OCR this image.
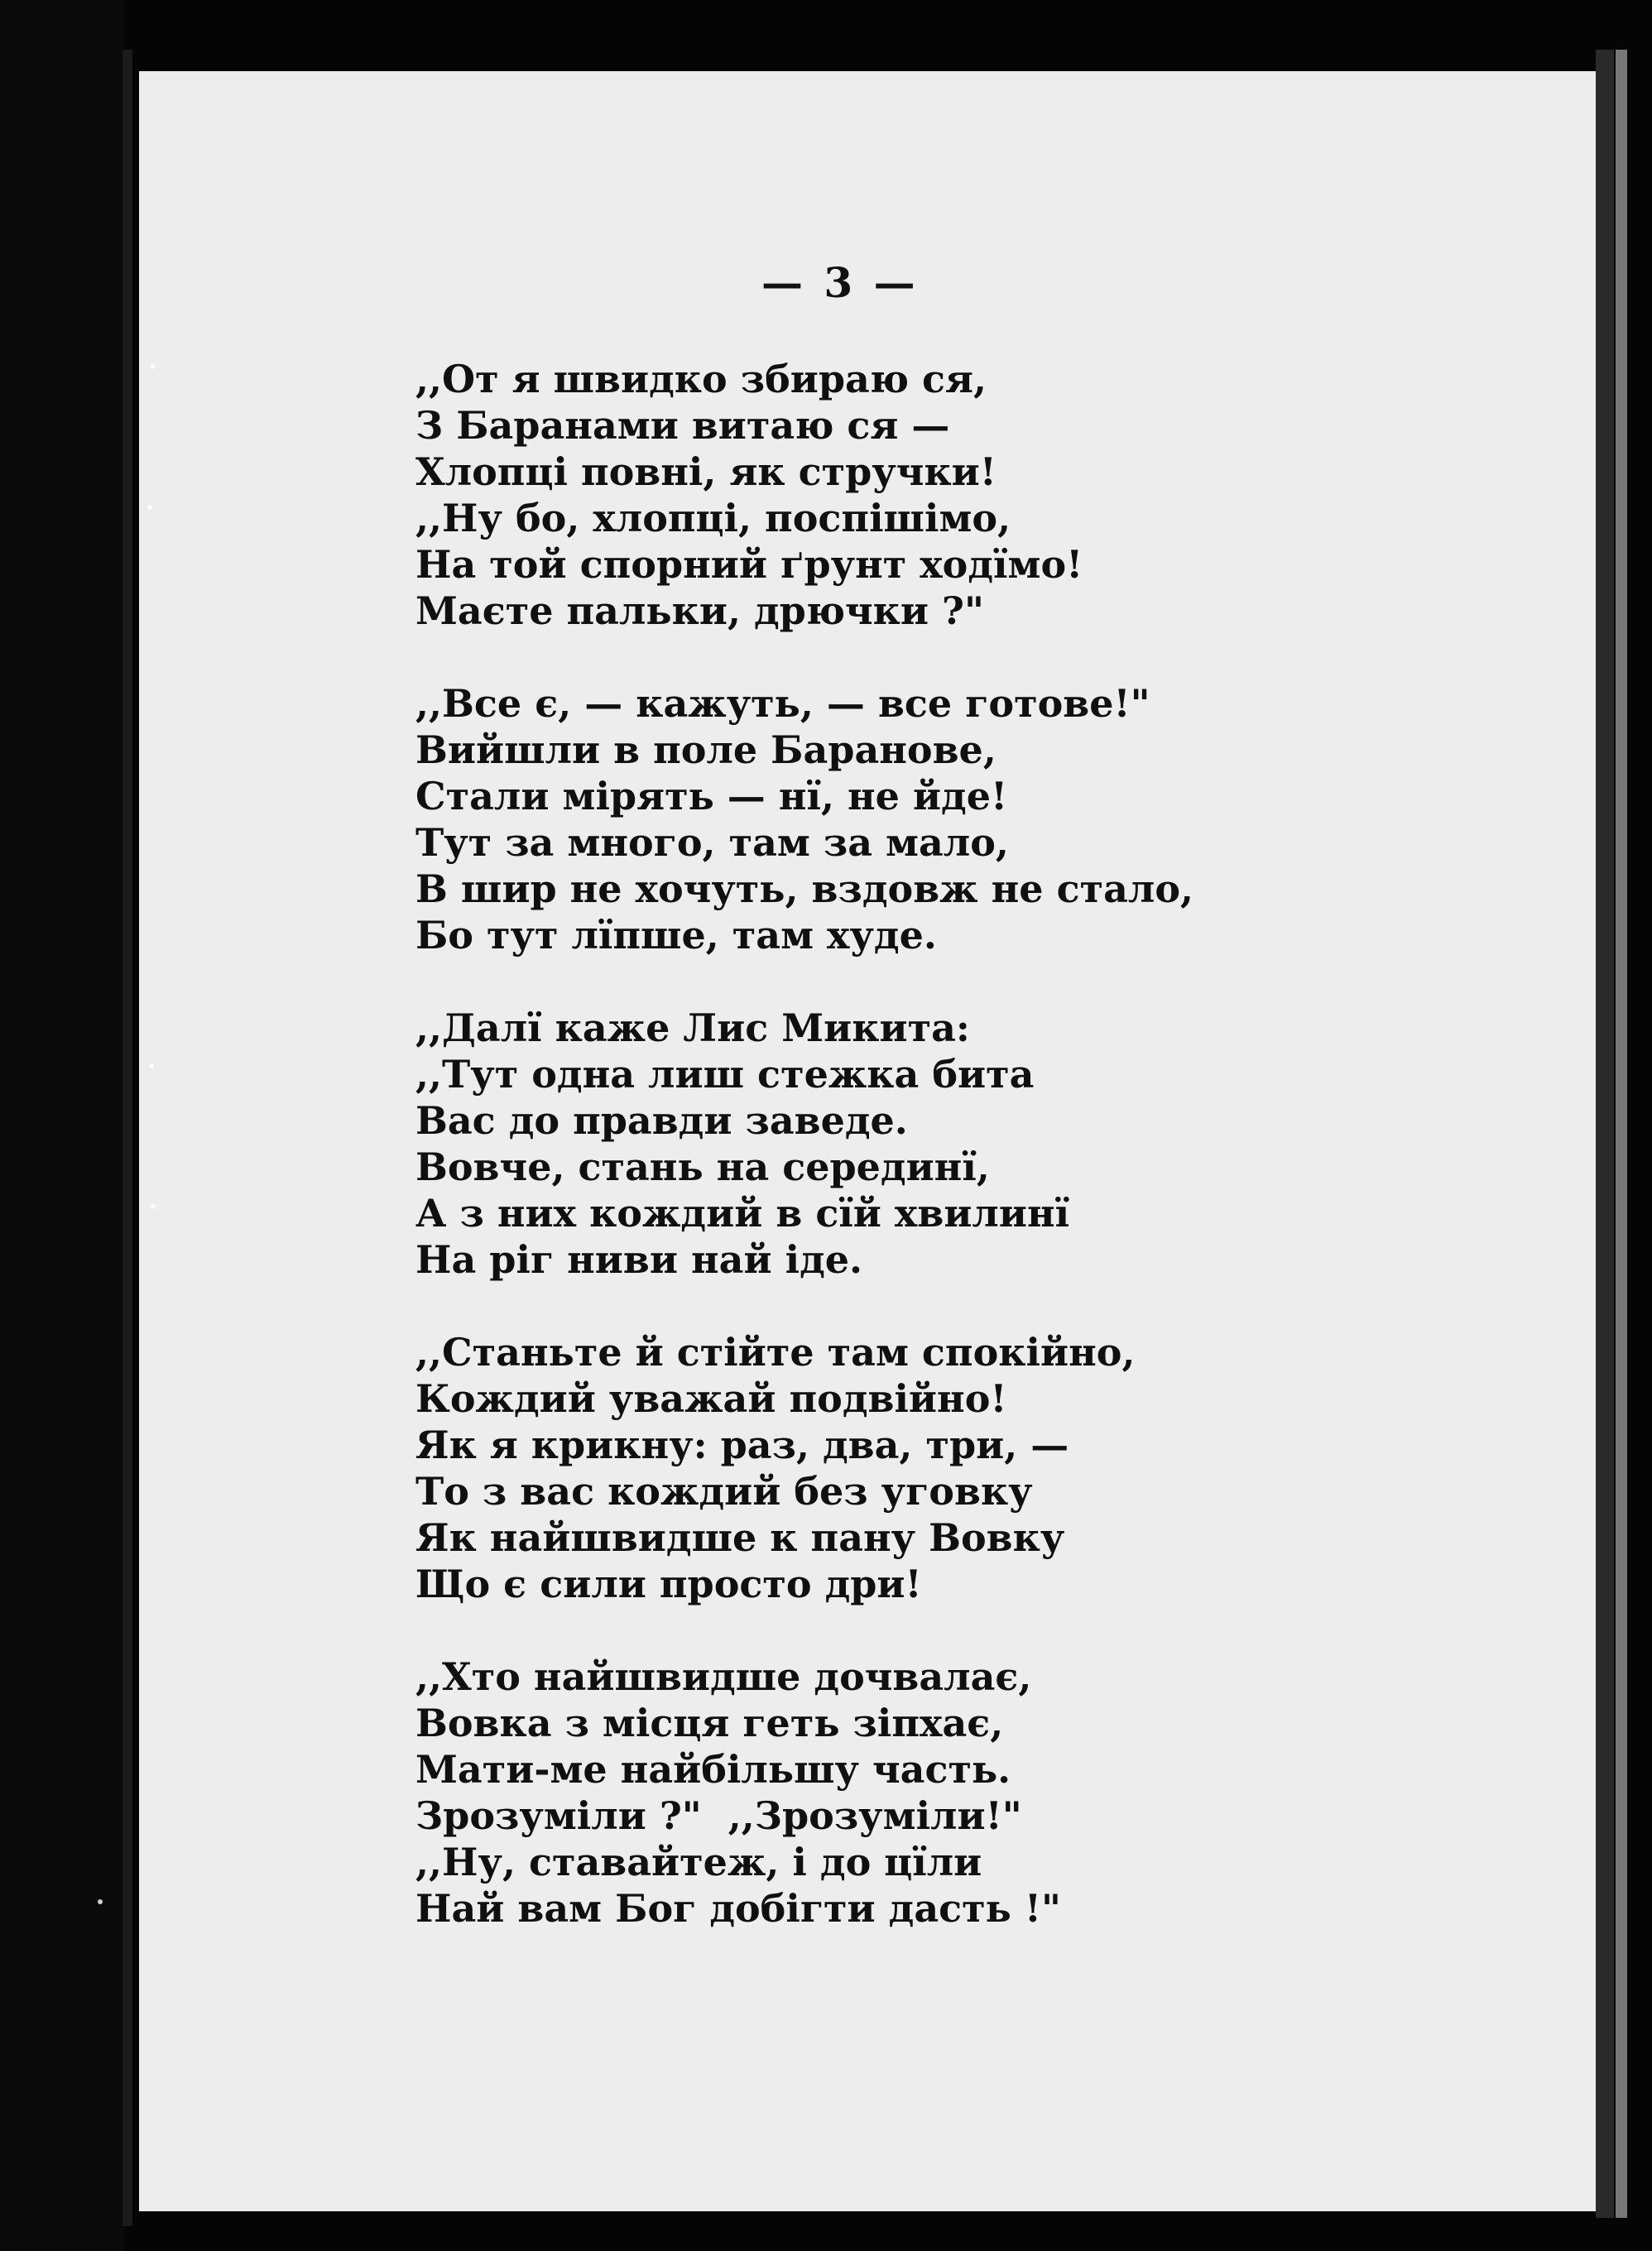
— 3 —
,,От я швидко збираю ся,
З Баранами витаю ся —
Хлопці повні, як стручки!
,,Ну бо, хлопці, поспішімо,
На той спорний ґрунт ходїмо!
Маєте пальки, дрючки ?"
,,Все є, — кажуть, — все готове!"
Вийшли в поле Баранове,
Стали мірять — нї, не йде!
Тут за много, там за мало,
В шир не хочуть, вздовж не стало,
Бо тут лїпше, там худе.
,,Далї каже Лис Микита:
,,Тут одна лиш стежка бита
Вас до правди заведе.
Вовче, стань на серединї,
А з них кождий в сїй хвилинї
На ріг ниви най іде.
,,Станьте й стійте там спокійно,
Кождий уважай подвійно!
Як я крикну: раз, два, три, —
То з вас кождий без уговку
Як найшвидше к пану Вовку
Що є сили просто дри!
,,Хто найшвидше дочвалає,
Вовка з місця геть зіпхає,
Мати-ме найбільшу часть.
Зрозуміли ?"  ,,Зрозуміли!"
,,Ну, ставайтеж, і до цїли
Най вам Бог добігти дасть !"
